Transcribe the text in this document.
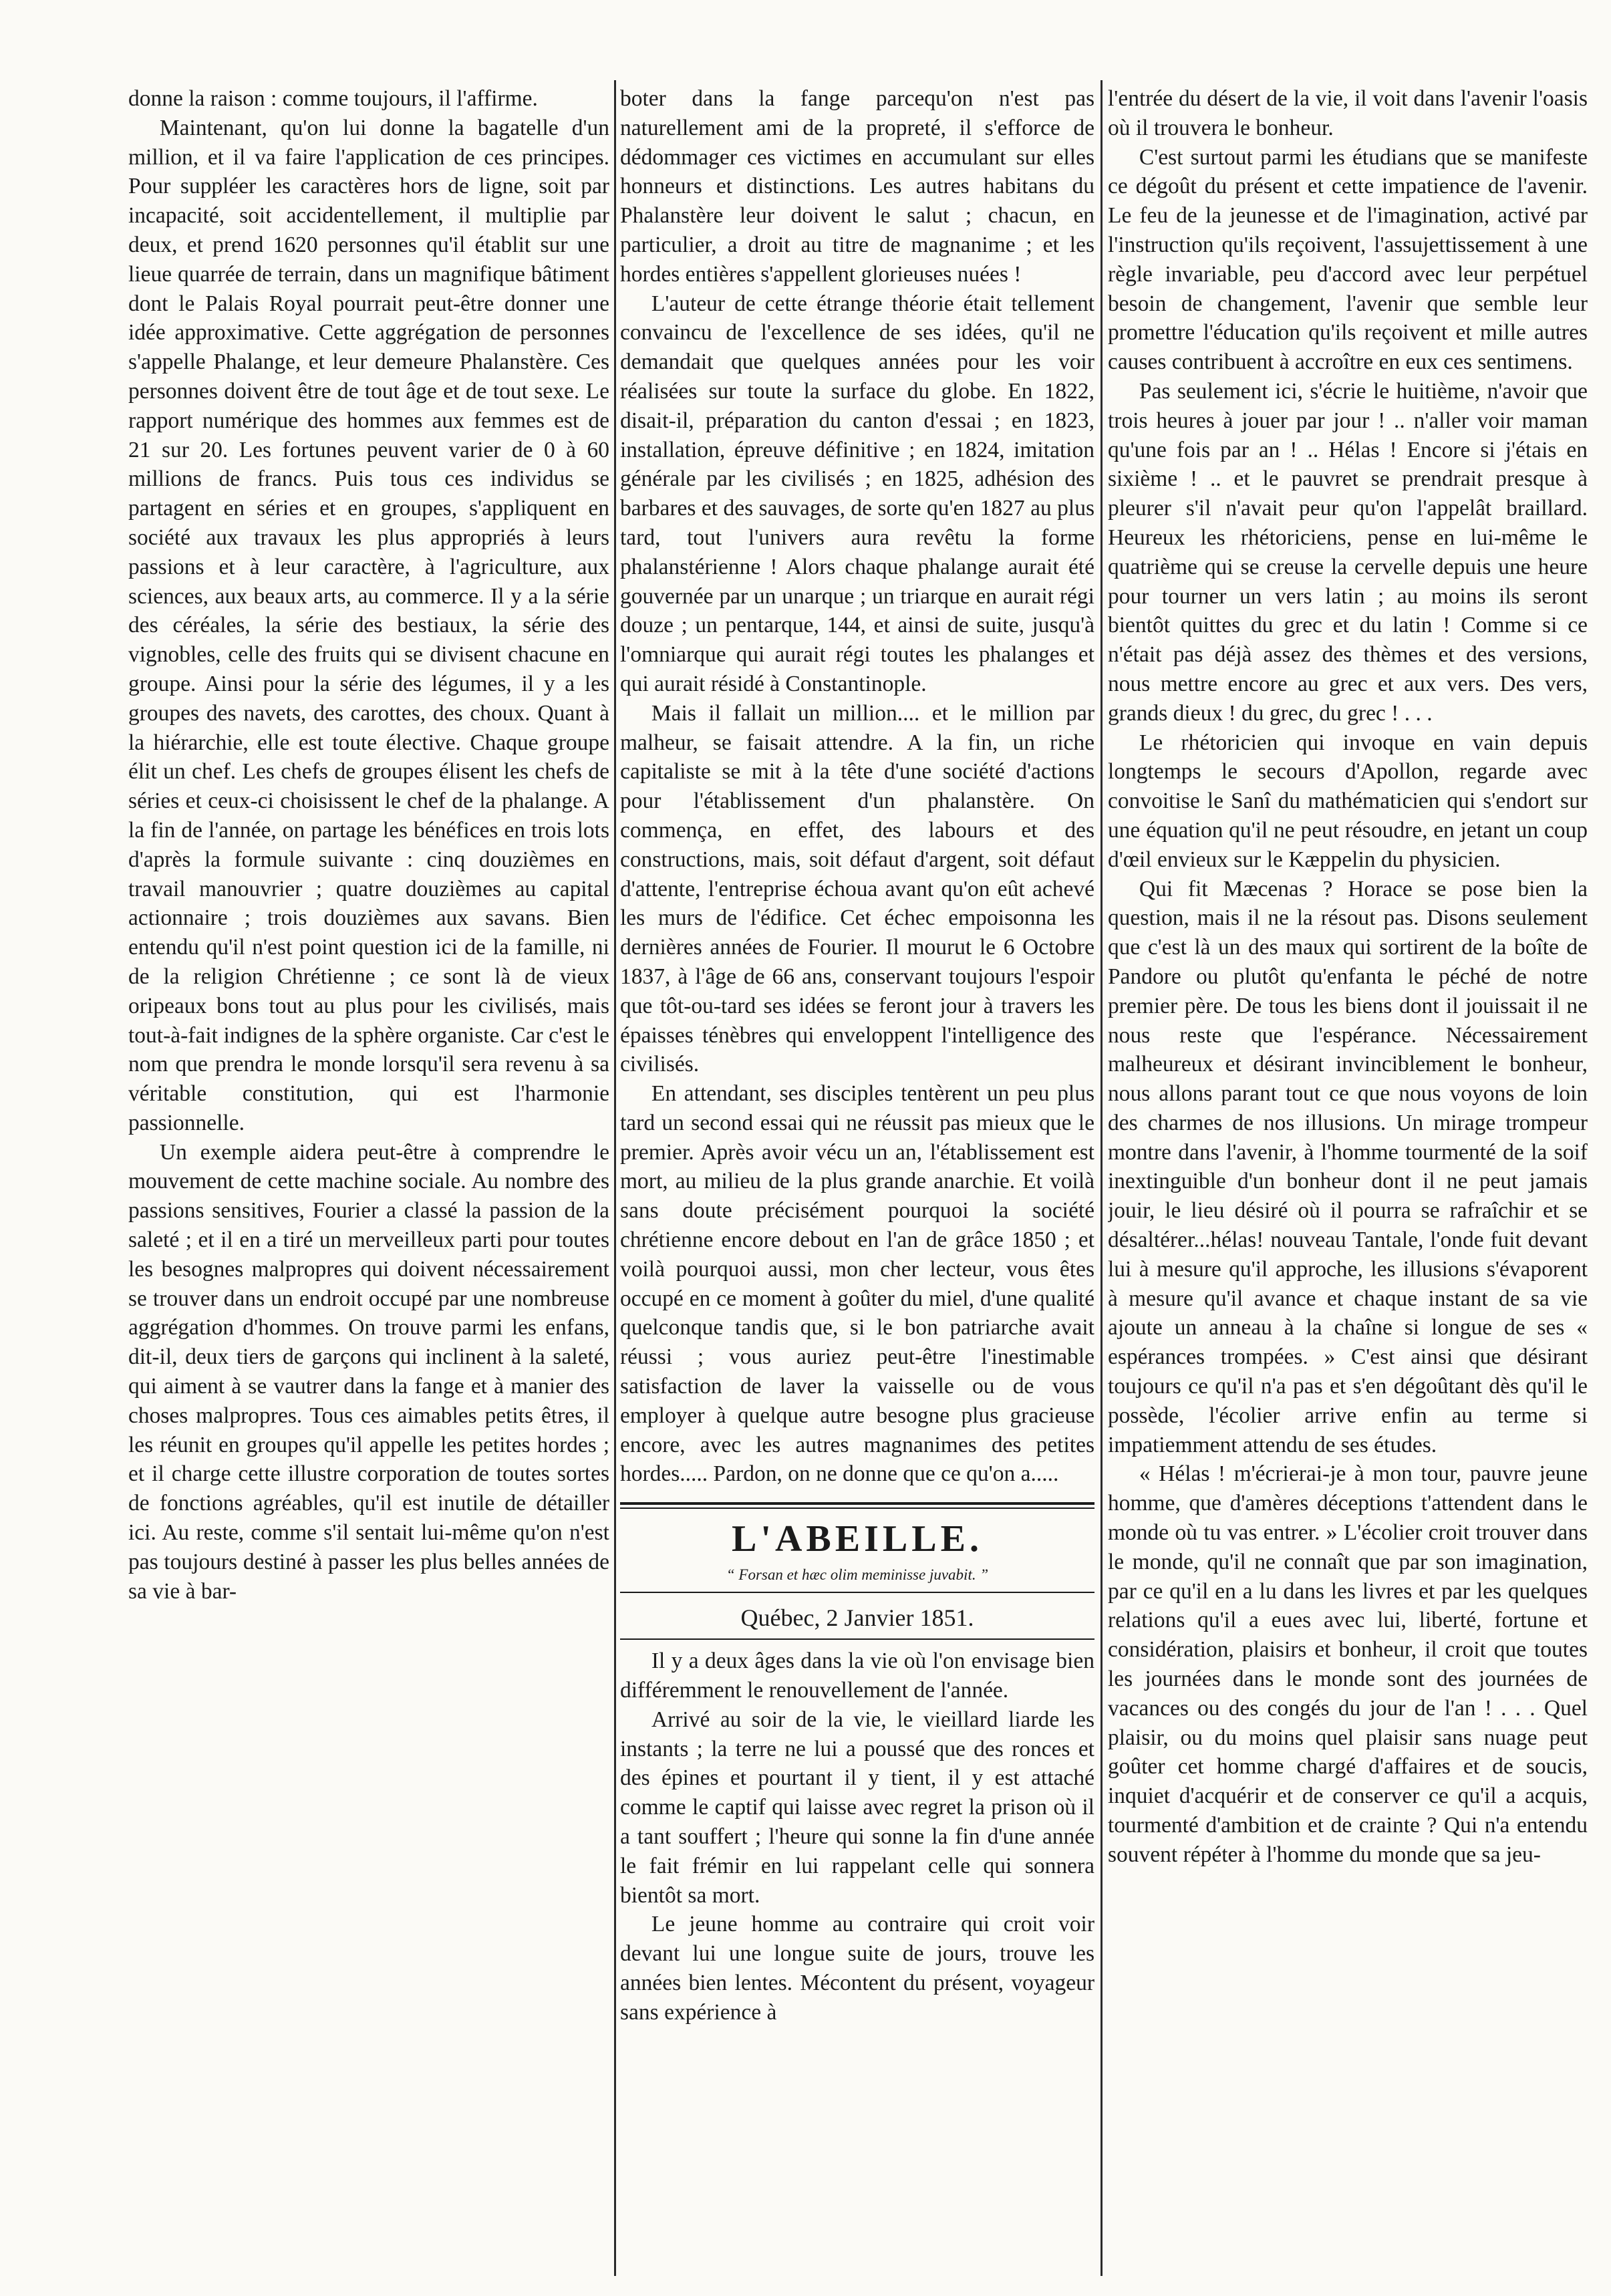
donne la raison : comme toujours, il l'affirme.

Maintenant, qu'on lui donne la bagatelle d'un million, et il va faire l'application de ces principes. Pour suppléer les caractères hors de ligne, soit par incapacité, soit accidentellement, il multiplie par deux, et prend 1620 personnes qu'il établit sur une lieue quarrée de terrain, dans un magnifique bâtiment dont le Palais Royal pourrait peut-être donner une idée approximative. Cette aggrégation de personnes s'appelle Phalange, et leur demeure Phalanstère. Ces personnes doivent être de tout âge et de tout sexe. Le rapport numérique des hommes aux femmes est de 21 sur 20. Les fortunes peuvent varier de 0 à 60 millions de francs. Puis tous ces individus se partagent en séries et en groupes, s'appliquent en société aux travaux les plus appropriés à leurs passions et à leur caractère, à l'agriculture, aux sciences, aux beaux arts, au commerce. Il y a la série des céréales, la série des bestiaux, la série des vignobles, celle des fruits qui se divisent chacune en groupe. Ainsi pour la série des légumes, il y a les groupes des navets, des carottes, des choux. Quant à la hiérarchie, elle est toute élective. Chaque groupe élit un chef. Les chefs de groupes élisent les chefs de séries et ceux-ci choisissent le chef de la phalange. A la fin de l'année, on partage les bénéfices en trois lots d'après la formule suivante : cinq douzièmes en travail manouvrier ; quatre douzièmes au capital actionnaire ; trois douzièmes aux savans. Bien entendu qu'il n'est point question ici de la famille, ni de la religion Chrétienne ; ce sont là de vieux oripeaux bons tout au plus pour les civilisés, mais tout-à-fait indignes de la sphère organiste. Car c'est le nom que prendra le monde lorsqu'il sera revenu à sa véritable constitution, qui est l'harmonie passionnelle.

Un exemple aidera peut-être à comprendre le mouvement de cette machine sociale. Au nombre des passions sensitives, Fourier a classé la passion de la saleté ; et il en a tiré un merveilleux parti pour toutes les besognes malpropres qui doivent nécessairement se trouver dans un endroit occupé par une nombreuse aggrégation d'hommes. On trouve parmi les enfans, dit-il, deux tiers de garçons qui inclinent à la saleté, qui aiment à se vautrer dans la fange et à manier des choses malpropres. Tous ces aimables petits êtres, il les réunit en groupes qu'il appelle les petites hordes ; et il charge cette illustre corporation de toutes sortes de fonctions agréables, qu'il est inutile de détailler ici. Au reste, comme s'il sentait lui-même qu'on n'est pas toujours destiné à passer les plus belles années de sa vie à bar-

boter dans la fange parcequ'on n'est pas naturellement ami de la propreté, il s'efforce de dédommager ces victimes en accumulant sur elles honneurs et distinctions. Les autres habitans du Phalanstère leur doivent le salut ; chacun, en particulier, a droit au titre de magnanime ; et les hordes entières s'appellent glorieuses nuées !

L'auteur de cette étrange théorie était tellement convaincu de l'excellence de ses idées, qu'il ne demandait que quelques années pour les voir réalisées sur toute la surface du globe. En 1822, disait-il, préparation du canton d'essai ; en 1823, installation, épreuve définitive ; en 1824, imitation générale par les civilisés ; en 1825, adhésion des barbares et des sauvages, de sorte qu'en 1827 au plus tard, tout l'univers aura revêtu la forme phalanstérienne ! Alors chaque phalange aurait été gouvernée par un unarque ; un triarque en aurait régi douze ; un pentarque, 144, et ainsi de suite, jusqu'à l'omniarque qui aurait régi toutes les phalanges et qui aurait résidé à Constantinople.

Mais il fallait un million.... et le million par malheur, se faisait attendre. A la fin, un riche capitaliste se mit à la tête d'une société d'actions pour l'établissement d'un phalanstère. On commença, en effet, des labours et des constructions, mais, soit défaut d'argent, soit défaut d'attente, l'entreprise échoua avant qu'on eût achevé les murs de l'édifice. Cet échec empoisonna les dernières années de Fourier. Il mourut le 6 Octobre 1837, à l'âge de 66 ans, conservant toujours l'espoir que tôt-ou-tard ses idées se feront jour à travers les épaisses ténèbres qui enveloppent l'intelligence des civilisés.

En attendant, ses disciples tentèrent un peu plus tard un second essai qui ne réussit pas mieux que le premier. Après avoir vécu un an, l'établissement est mort, au milieu de la plus grande anarchie. Et voilà sans doute précisément pourquoi la société chrétienne encore debout en l'an de grâce 1850 ; et voilà pourquoi aussi, mon cher lecteur, vous êtes occupé en ce moment à goûter du miel, d'une qualité quelconque tandis que, si le bon patriarche avait réussi ; vous auriez peut-être l'inestimable satisfaction de laver la vaisselle ou de vous employer à quelque autre besogne plus gracieuse encore, avec les autres magnanimes des petites hordes..... Pardon, on ne donne que ce qu'on a.....

L'ABEILLE.
“ Forsan et hæc olim meminisse juvabit. ”
Québec, 2 Janvier 1851.

Il y a deux âges dans la vie où l'on envisage bien différemment le renouvellement de l'année.

Arrivé au soir de la vie, le vieillard liarde les instants ; la terre ne lui a poussé que des ronces et des épines et pourtant il y tient, il y est attaché comme le captif qui laisse avec regret la prison où il a tant souffert ; l'heure qui sonne la fin d'une année le fait frémir en lui rappelant celle qui sonnera bientôt sa mort.

Le jeune homme au contraire qui croit voir devant lui une longue suite de jours, trouve les années bien lentes. Mécontent du présent, voyageur sans expérience à

l'entrée du désert de la vie, il voit dans l'avenir l'oasis où il trouvera le bonheur.

C'est surtout parmi les étudians que se manifeste ce dégoût du présent et cette impatience de l'avenir. Le feu de la jeunesse et de l'imagination, activé par l'instruction qu'ils reçoivent, l'assujettissement à une règle invariable, peu d'accord avec leur perpétuel besoin de changement, l'avenir que semble leur promettre l'éducation qu'ils reçoivent et mille autres causes contribuent à accroître en eux ces sentimens.

Pas seulement ici, s'écrie le huitième, n'avoir que trois heures à jouer par jour ! .. n'aller voir maman qu'une fois par an ! .. Hélas ! Encore si j'étais en sixième ! .. et le pauvret se prendrait presque à pleurer s'il n'avait peur qu'on l'appelât braillard. Heureux les rhétoriciens, pense en lui-même le quatrième qui se creuse la cervelle depuis une heure pour tourner un vers latin ; au moins ils seront bientôt quittes du grec et du latin ! Comme si ce n'était pas déjà assez des thèmes et des versions, nous mettre encore au grec et aux vers. Des vers, grands dieux ! du grec, du grec ! . . .

Le rhétoricien qui invoque en vain depuis longtemps le secours d'Apollon, regarde avec convoitise le Sanî du mathématicien qui s'endort sur une équation qu'il ne peut résoudre, en jetant un coup d'œil envieux sur le Kæppelin du physicien.

Qui fit Mæcenas ? Horace se pose bien la question, mais il ne la résout pas. Disons seulement que c'est là un des maux qui sortirent de la boîte de Pandore ou plutôt qu'enfanta le péché de notre premier père. De tous les biens dont il jouissait il ne nous reste que l'espérance. Nécessairement malheureux et désirant invinciblement le bonheur, nous allons parant tout ce que nous voyons de loin des charmes de nos illusions. Un mirage trompeur montre dans l'avenir, à l'homme tourmenté de la soif inextinguible d'un bonheur dont il ne peut jamais jouir, le lieu désiré où il pourra se rafraîchir et se désaltérer...hélas! nouveau Tantale, l'onde fuit devant lui à mesure qu'il approche, les illusions s'évaporent à mesure qu'il avance et chaque instant de sa vie ajoute un anneau à la chaîne si longue de ses « espérances trompées. » C'est ainsi que désirant toujours ce qu'il n'a pas et s'en dégoûtant dès qu'il le possède, l'écolier arrive enfin au terme si impatiemment attendu de ses études.

« Hélas ! m'écrierai-je à mon tour, pauvre jeune homme, que d'amères déceptions t'attendent dans le monde où tu vas entrer. » L'écolier croit trouver dans le monde, qu'il ne connaît que par son imagination, par ce qu'il en a lu dans les livres et par les quelques relations qu'il a eues avec lui, liberté, fortune et considération, plaisirs et bonheur, il croit que toutes les journées dans le monde sont des journées de vacances ou des congés du jour de l'an ! . . . Quel plaisir, ou du moins quel plaisir sans nuage peut goûter cet homme chargé d'affaires et de soucis, inquiet d'acquérir et de conserver ce qu'il a acquis, tourmenté d'ambition et de crainte ? Qui n'a entendu souvent répéter à l'homme du monde que sa jeu-
